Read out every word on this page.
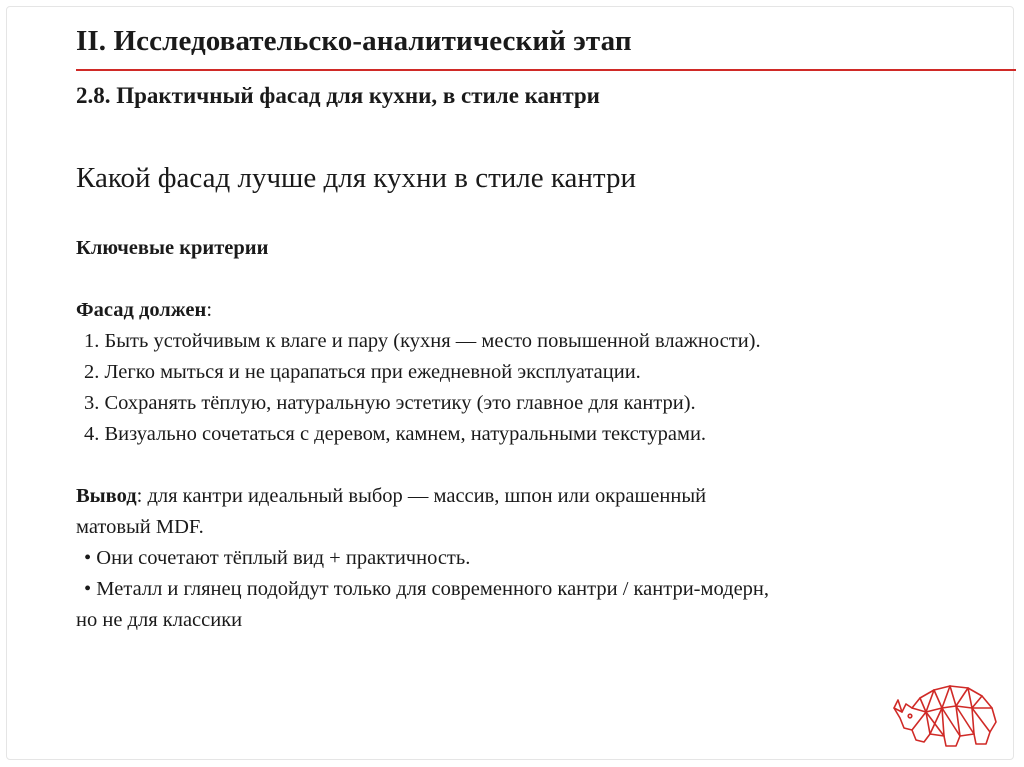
II. Исследовательско-аналитический этап
2.8. Практичный фасад для кухни, в стиле кантри
Какой фасад лучше для кухни в стиле кантри
Ключевые критерии
Фасад должен:
1. Быть устойчивым к влаге и пару (кухня — место повышенной влажности).
2. Легко мыться и не царапаться при ежедневной эксплуатации.
3. Сохранять тёплую, натуральную эстетику (это главное для кантри).
4. Визуально сочетаться с деревом, камнем, натуральными текстурами.
Вывод: для кантри идеальный выбор — массив, шпон или окрашенный
матовый MDF.
• Они сочетают тёплый вид + практичность.
• Металл и глянец подойдут только для современного кантри / кантри-модерн,
но не для классики
